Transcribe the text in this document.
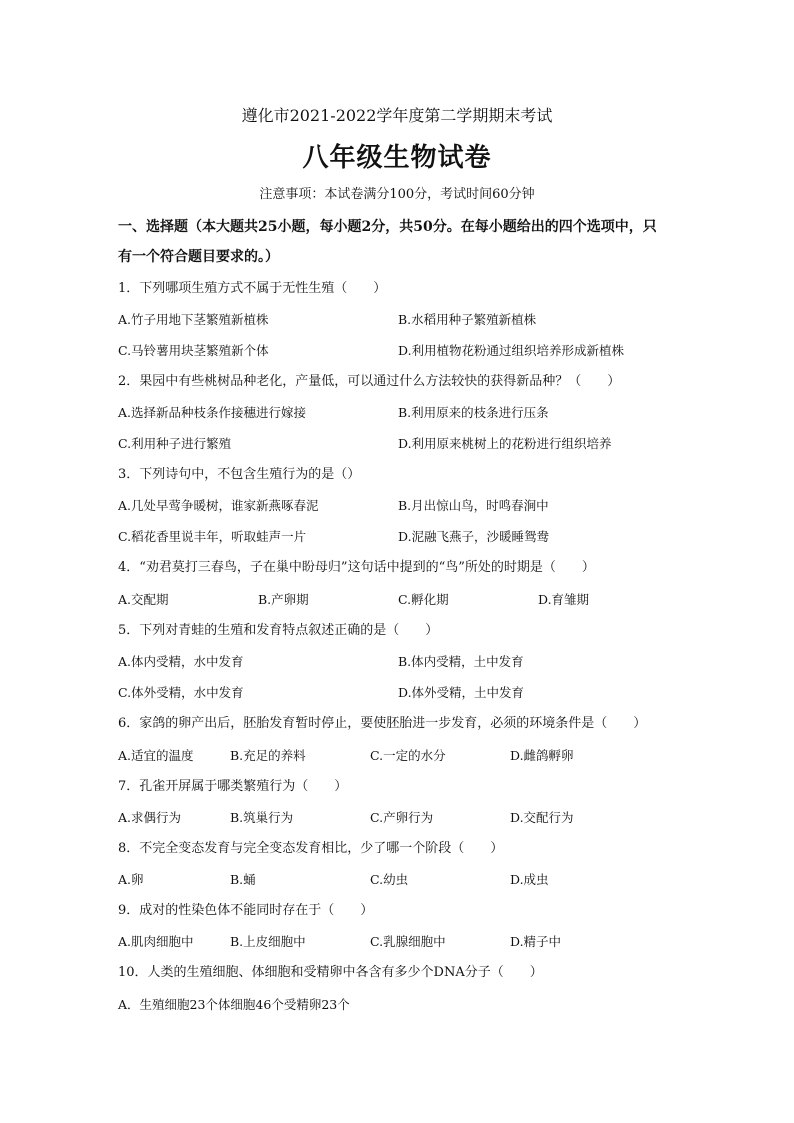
遵化市2021-2022学年度第二学期期末考试
八年级生物试卷
注意事项：本试卷满分100分，考试时间60分钟
一、选择题（本大题共25小题，每小题2分，共50分。在每小题给出的四个选项中，只
有一个符合题目要求的。）
1．下列哪项生殖方式不属于无性生殖（　　）
A.竹子用地下茎繁殖新植株	B.水稻用种子繁殖新植株
C.马铃薯用块茎繁殖新个体	D.利用植物花粉通过组织培养形成新植株
2．果园中有些桃树品种老化，产量低，可以通过什么方法较快的获得新品种？（　　）
A.选择新品种枝条作接穗进行嫁接	B.利用原来的枝条进行压条
C.利用种子进行繁殖	D.利用原来桃树上的花粉进行组织培养
3．下列诗句中，不包含生殖行为的是（）
A.几处早莺争暖树，谁家新燕啄春泥	B.月出惊山鸟，时鸣春涧中
C.稻花香里说丰年，听取蛙声一片	D.泥融飞燕子，沙暖睡鸳鸯
4．“劝君莫打三春鸟，子在巢中盼母归”这句话中提到的“鸟”所处的时期是（　　）
A.交配期	B.产卵期	C.孵化期	D.育雏期
5．下列对青蛙的生殖和发育特点叙述正确的是（　　）
A.体内受精，水中发育	B.体内受精，土中发育
C.体外受精，水中发育	D.体外受精，土中发育
6．家鸽的卵产出后，胚胎发育暂时停止，要使胚胎进一步发育，必须的环境条件是（　　）
A.适宜的温度	B.充足的养料	C.一定的水分	D.雌鸽孵卵
7．孔雀开屏属于哪类繁殖行为（　　）
A.求偶行为	B.筑巢行为	C.产卵行为	D.交配行为
8．不完全变态发育与完全变态发育相比，少了哪一个阶段（　　）
A.卵	B.蛹	C.幼虫	D.成虫
9．成对的性染色体不能同时存在于（　　）
A.肌肉细胞中	B.上皮细胞中	C.乳腺细胞中	D.精子中
10．人类的生殖细胞、体细胞和受精卵中各含有多少个DNA分子（　　）
A．生殖细胞23个体细胞46个受精卵23个
